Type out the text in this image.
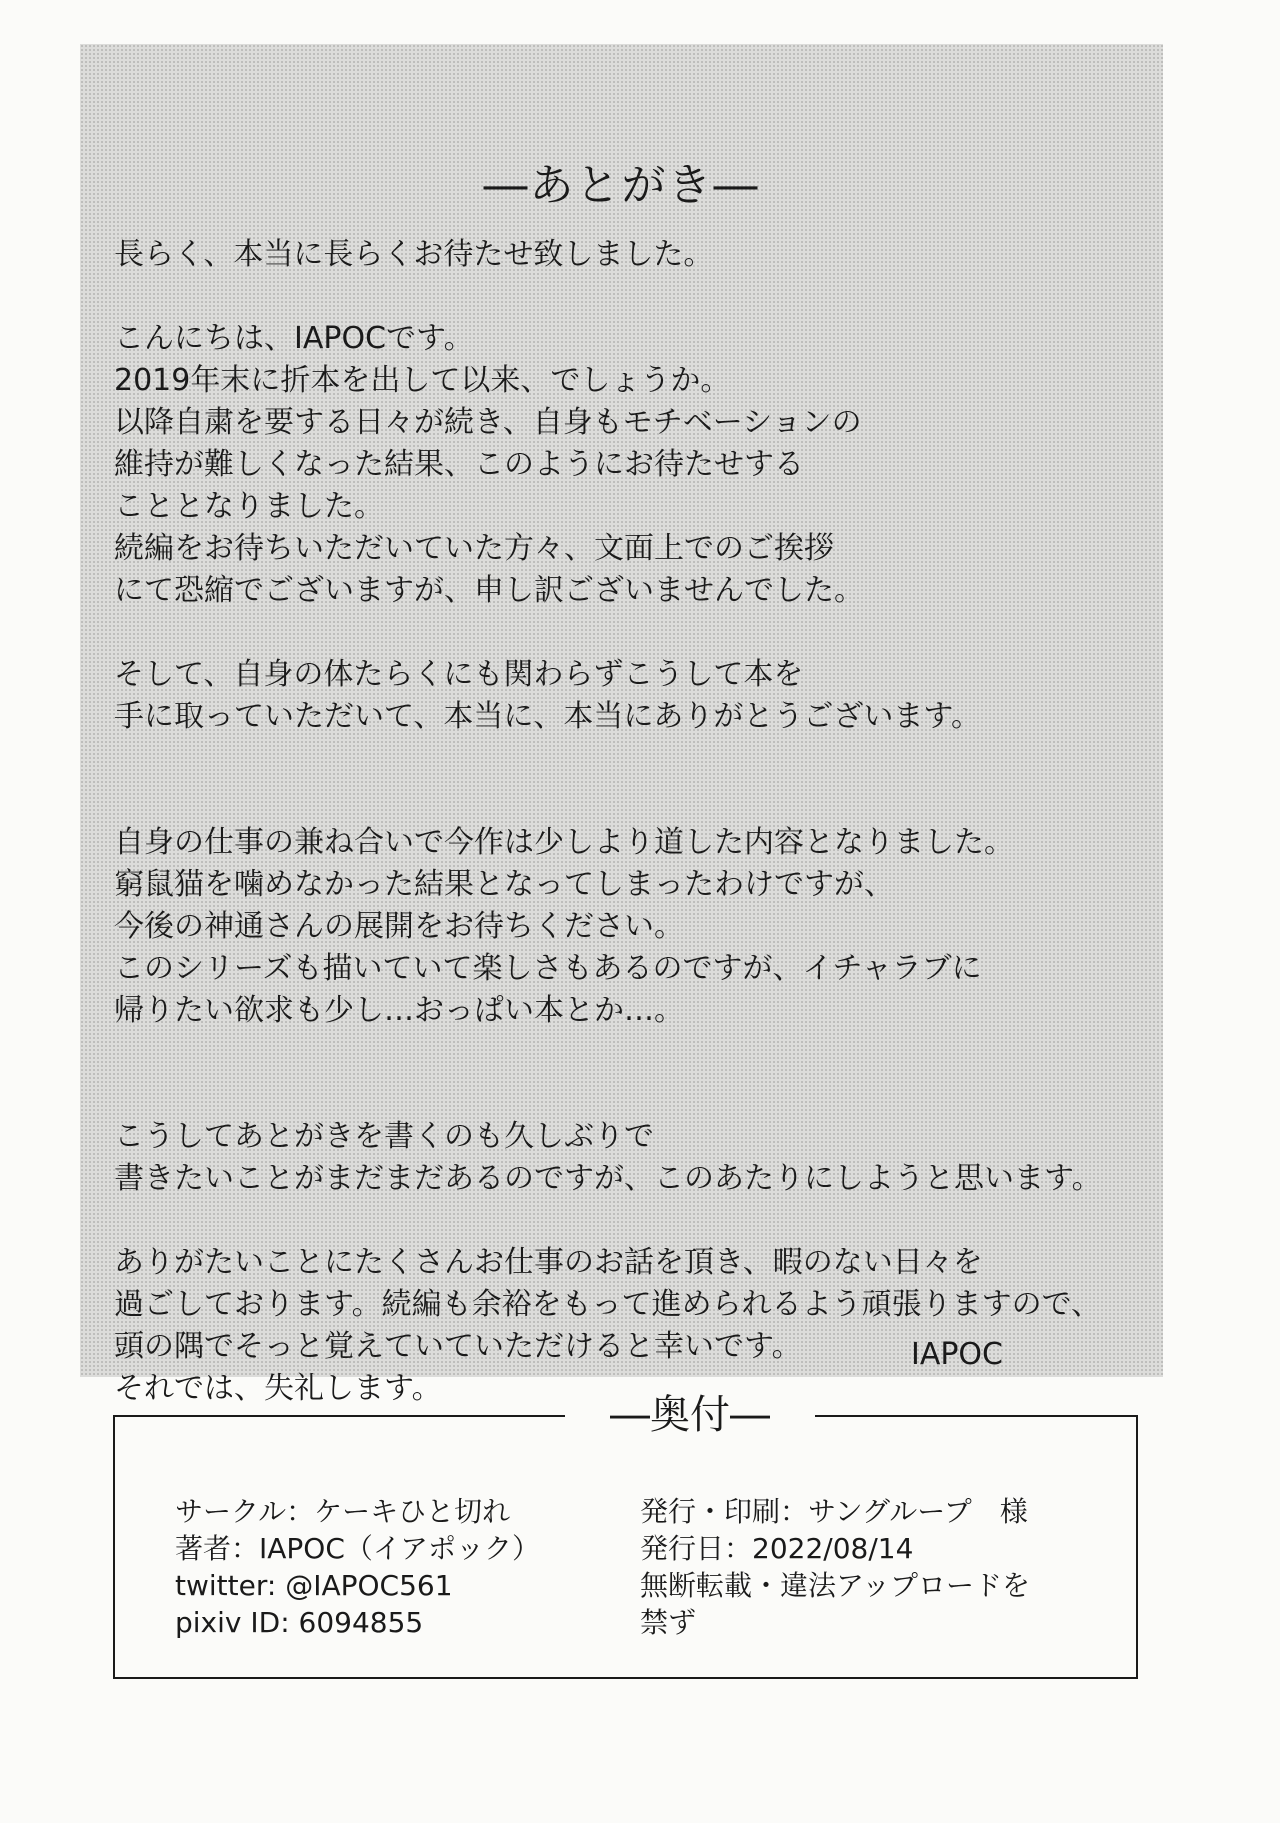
―あとがき―
長らく、本当に長らくお待たせ致しました。
こんにちは、IAPOCです。
2019年末に折本を出して以来、でしょうか。
以降自粛を要する日々が続き、自身もモチベーションの
維持が難しくなった結果、このようにお待たせする
こととなりました。
続編をお待ちいただいていた方々、文面上でのご挨拶
にて恐縮でございますが、申し訳ございませんでした。
そして、自身の体たらくにも関わらずこうして本を
手に取っていただいて、本当に、本当にありがとうございます。
自身の仕事の兼ね合いで今作は少しより道した内容となりました。
窮鼠猫を噛めなかった結果となってしまったわけですが、
今後の神通さんの展開をお待ちください。
このシリーズも描いていて楽しさもあるのですが、イチャラブに
帰りたい欲求も少し…おっぱい本とか…。
こうしてあとがきを書くのも久しぶりで
書きたいことがまだまだあるのですが、このあたりにしようと思います。
ありがたいことにたくさんお仕事のお話を頂き、暇のない日々を
過ごしております。続編も余裕をもって進められるよう頑張りますので、
頭の隅でそっと覚えていていただけると幸いです。
それでは、失礼します。
IAPOC
―奥付―
サークル：ケーキひと切れ
著者：IAPOC（イアポック）
twitter: @IAPOC561
pixiv ID: 6094855
発行・印刷：サングループ　様
発行日：2022/08/14
無断転載・違法アップロードを
禁ず
